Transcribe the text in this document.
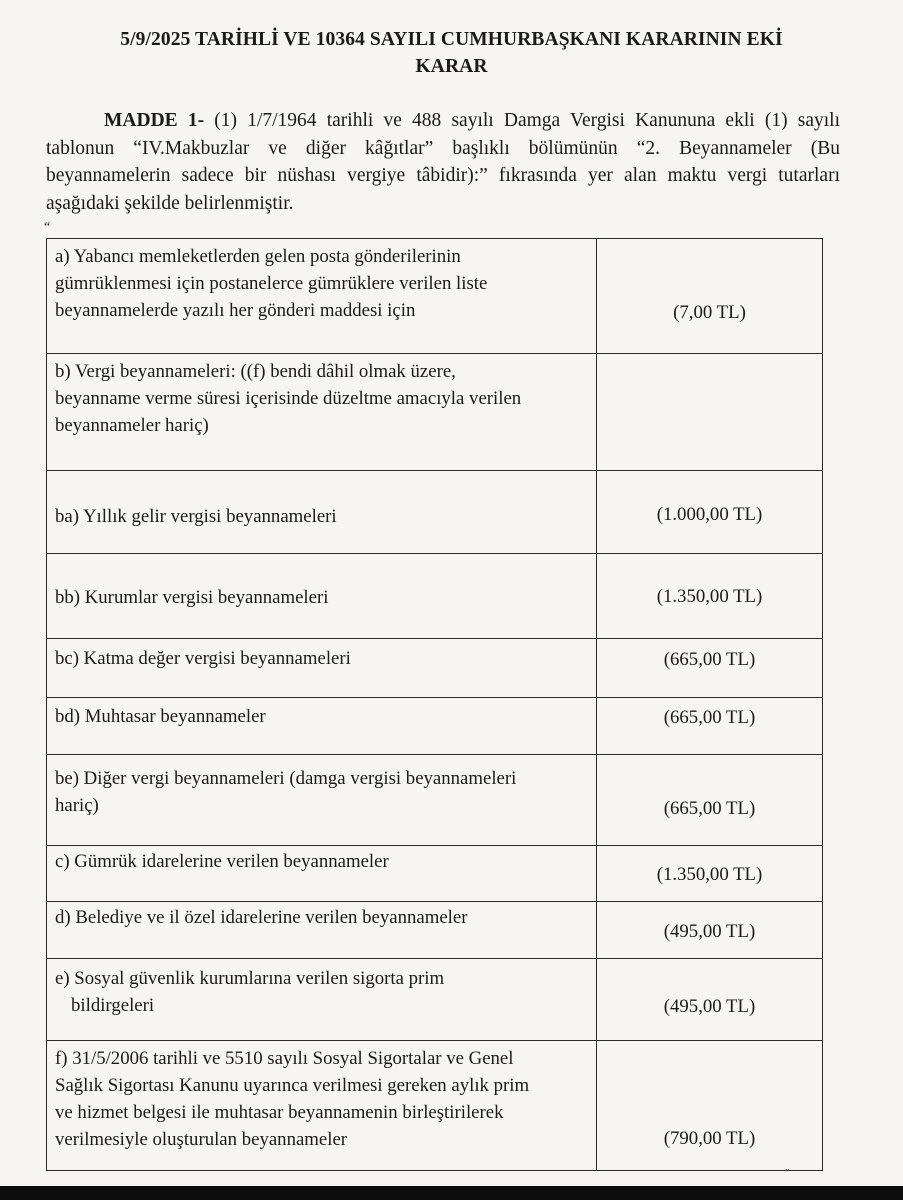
5/9/2025 TARİHLİ VE 10364 SAYILI CUMHURBAŞKANI KARARININ EKİ
KARAR
MADDE 1- (1) 1/7/1964 tarihli ve 488 sayılı Damga Vergisi Kanununa ekli (1) sayılı
tablonun “IV.Makbuzlar ve diğer kâğıtlar” başlıklı bölümünün “2. Beyannameler (Bu
beyannamelerin sadece bir nüshası vergiye tâbidir):” fıkrasında yer alan maktu vergi tutarları
aşağıdaki şekilde belirlenmiştir.
“
a) Yabancı memleketlerden gelen posta gönderilerinin
gümrüklenmesi için postanelerce gümrüklere verilen liste
beyannamelerde yazılı her gönderi maddesi için	(7,00 TL)

b) Vergi beyannameleri: ((f) bendi dâhil olmak üzere,
beyanname verme süresi içerisinde düzeltme amacıyla verilen
beyannameler hariç)	

ba) Yıllık gelir vergisi beyannameleri	(1.000,00 TL)

bb) Kurumlar vergisi beyannameleri	(1.350,00 TL)

bc) Katma değer vergisi beyannameleri	(665,00 TL)

bd) Muhtasar beyannameler	(665,00 TL)

be) Diğer vergi beyannameleri (damga vergisi beyannameleri
hariç)	(665,00 TL)

c) Gümrük idarelerine verilen beyannameler	(1.350,00 TL)

d) Belediye ve il özel idarelerine verilen beyannameler	(495,00 TL)

e) Sosyal güvenlik kurumlarına verilen sigorta prim
bildirgeleri	(495,00 TL)

f) 31/5/2006 tarihli ve 5510 sayılı Sosyal Sigortalar ve Genel
Sağlık Sigortası Kanunu uyarınca verilmesi gereken aylık prim
ve hizmet belgesi ile muhtasar beyannamenin birleştirilerek
verilmesiyle oluşturulan beyannameler	(790,00 TL)
”
